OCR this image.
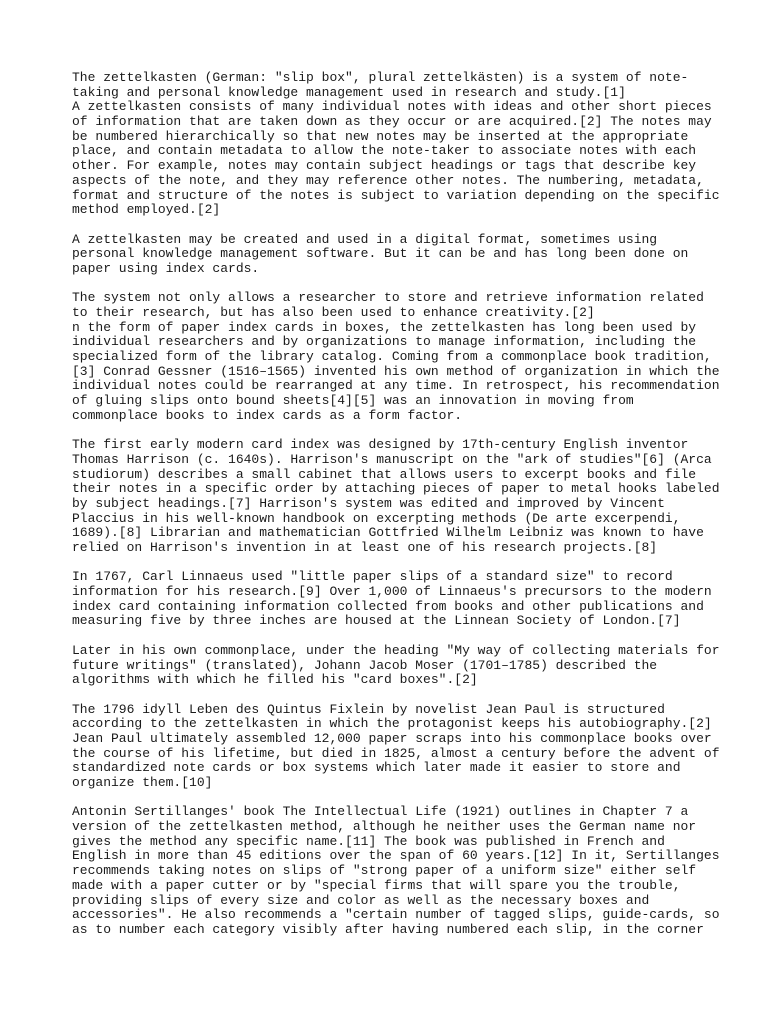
The zettelkasten (German: "slip box", plural zettelkästen) is a system of note-
taking and personal knowledge management used in research and study.[1]
A zettelkasten consists of many individual notes with ideas and other short pieces
of information that are taken down as they occur or are acquired.[2] The notes may
be numbered hierarchically so that new notes may be inserted at the appropriate
place, and contain metadata to allow the note-taker to associate notes with each
other. For example, notes may contain subject headings or tags that describe key
aspects of the note, and they may reference other notes. The numbering, metadata,
format and structure of the notes is subject to variation depending on the specific
method employed.[2]
A zettelkasten may be created and used in a digital format, sometimes using
personal knowledge management software. But it can be and has long been done on
paper using index cards.
The system not only allows a researcher to store and retrieve information related
to their research, but has also been used to enhance creativity.[2]
n the form of paper index cards in boxes, the zettelkasten has long been used by
individual researchers and by organizations to manage information, including the
specialized form of the library catalog. Coming from a commonplace book tradition,
[3] Conrad Gessner (1516–1565) invented his own method of organization in which the
individual notes could be rearranged at any time. In retrospect, his recommendation
of gluing slips onto bound sheets[4][5] was an innovation in moving from
commonplace books to index cards as a form factor.
The first early modern card index was designed by 17th-century English inventor
Thomas Harrison (c. 1640s). Harrison's manuscript on the "ark of studies"[6] (Arca
studiorum) describes a small cabinet that allows users to excerpt books and file
their notes in a specific order by attaching pieces of paper to metal hooks labeled
by subject headings.[7] Harrison's system was edited and improved by Vincent
Placcius in his well-known handbook on excerpting methods (De arte excerpendi,
1689).[8] Librarian and mathematician Gottfried Wilhelm Leibniz was known to have
relied on Harrison's invention in at least one of his research projects.[8]
In 1767, Carl Linnaeus used "little paper slips of a standard size" to record
information for his research.[9] Over 1,000 of Linnaeus's precursors to the modern
index card containing information collected from books and other publications and
measuring five by three inches are housed at the Linnean Society of London.[7]
Later in his own commonplace, under the heading "My way of collecting materials for
future writings" (translated), Johann Jacob Moser (1701–1785) described the
algorithms with which he filled his "card boxes".[2]
The 1796 idyll Leben des Quintus Fixlein by novelist Jean Paul is structured
according to the zettelkasten in which the protagonist keeps his autobiography.[2]
Jean Paul ultimately assembled 12,000 paper scraps into his commonplace books over
the course of his lifetime, but died in 1825, almost a century before the advent of
standardized note cards or box systems which later made it easier to store and
organize them.[10]
Antonin Sertillanges' book The Intellectual Life (1921) outlines in Chapter 7 a
version of the zettelkasten method, although he neither uses the German name nor
gives the method any specific name.[11] The book was published in French and
English in more than 45 editions over the span of 60 years.[12] In it, Sertillanges
recommends taking notes on slips of "strong paper of a uniform size" either self
made with a paper cutter or by "special firms that will spare you the trouble,
providing slips of every size and color as well as the necessary boxes and
accessories". He also recommends a "certain number of tagged slips, guide-cards, so
as to number each category visibly after having numbered each slip, in the corner
